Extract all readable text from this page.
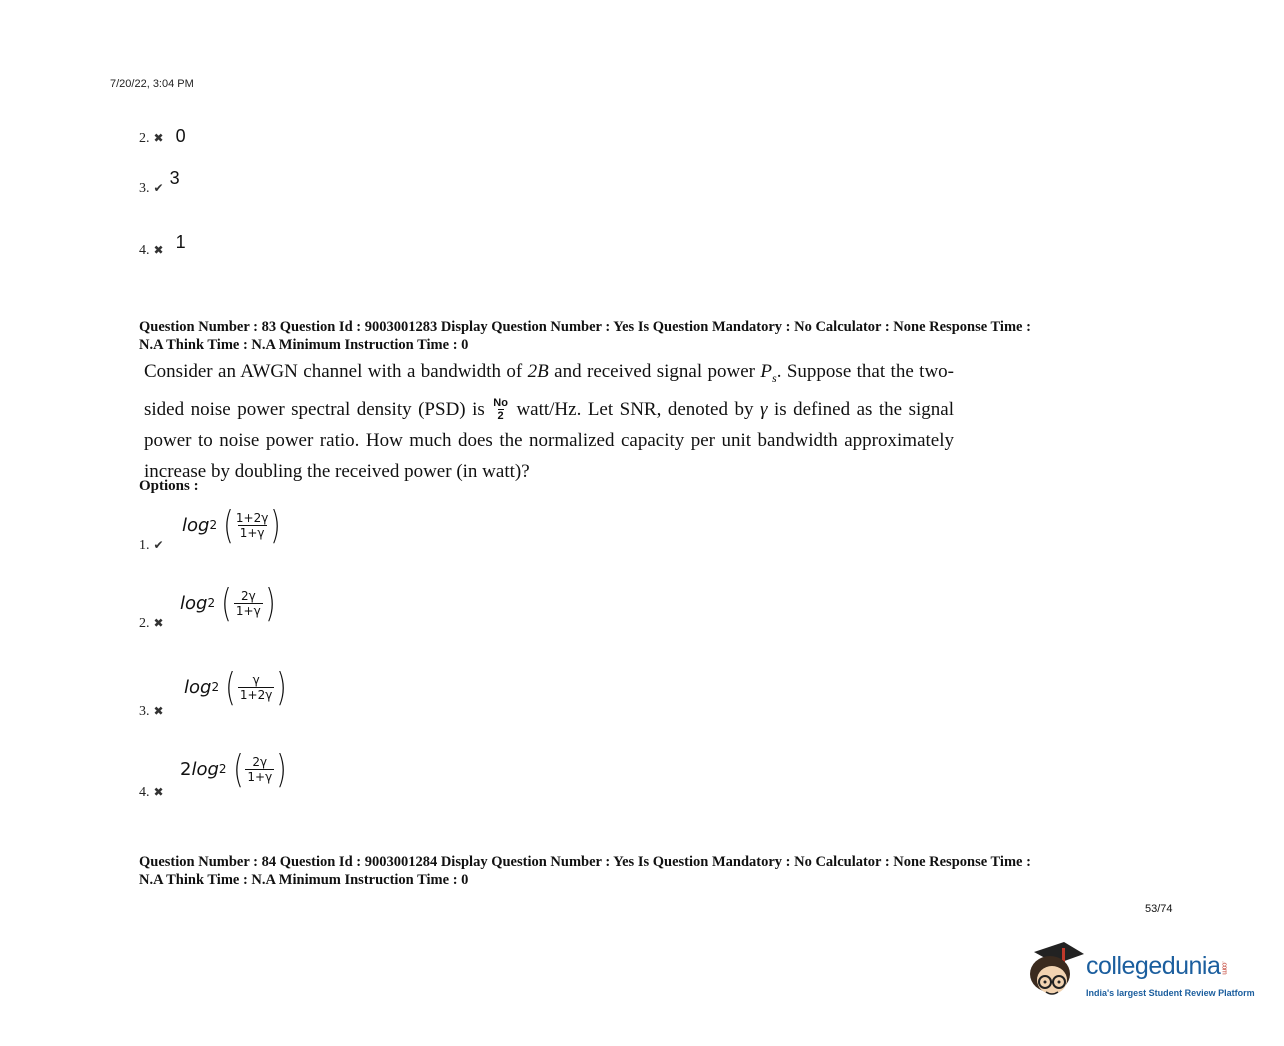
7/20/22, 3:04 PM
2. ✖ 0
3. ✔ 3
4. ✖ 1
Question Number : 83 Question Id : 9003001283 Display Question Number : Yes Is Question Mandatory : No Calculator : None Response Time :
N.A Think Time : N.A Minimum Instruction Time : 0
Consider an AWGN channel with a bandwidth of 2B and received signal power $P_s$. Suppose that the two-sided noise power spectral density (PSD) is $\frac{No}{2}$ watt/Hz. Let SNR, denoted by γ is defined as the signal power to noise power ratio. How much does the normalized capacity per unit bandwidth approximately increase by doubling the received power (in watt)?
Options :
1. ✔
log 2 ( 1+2γ
1+γ )
2. ✖
log 2 ( 2γ
1+γ )
3. ✖
log 2 ( γ
1+2γ )
4. ✖
2 log 2 ( 2γ
1+γ )
Question Number : 84 Question Id : 9003001284 Display Question Number : Yes Is Question Mandatory : No Calculator : None Response Time :
N.A Think Time : N.A Minimum Instruction Time : 0
53/74
collegedunia.com
India's largest Student Review Platform
